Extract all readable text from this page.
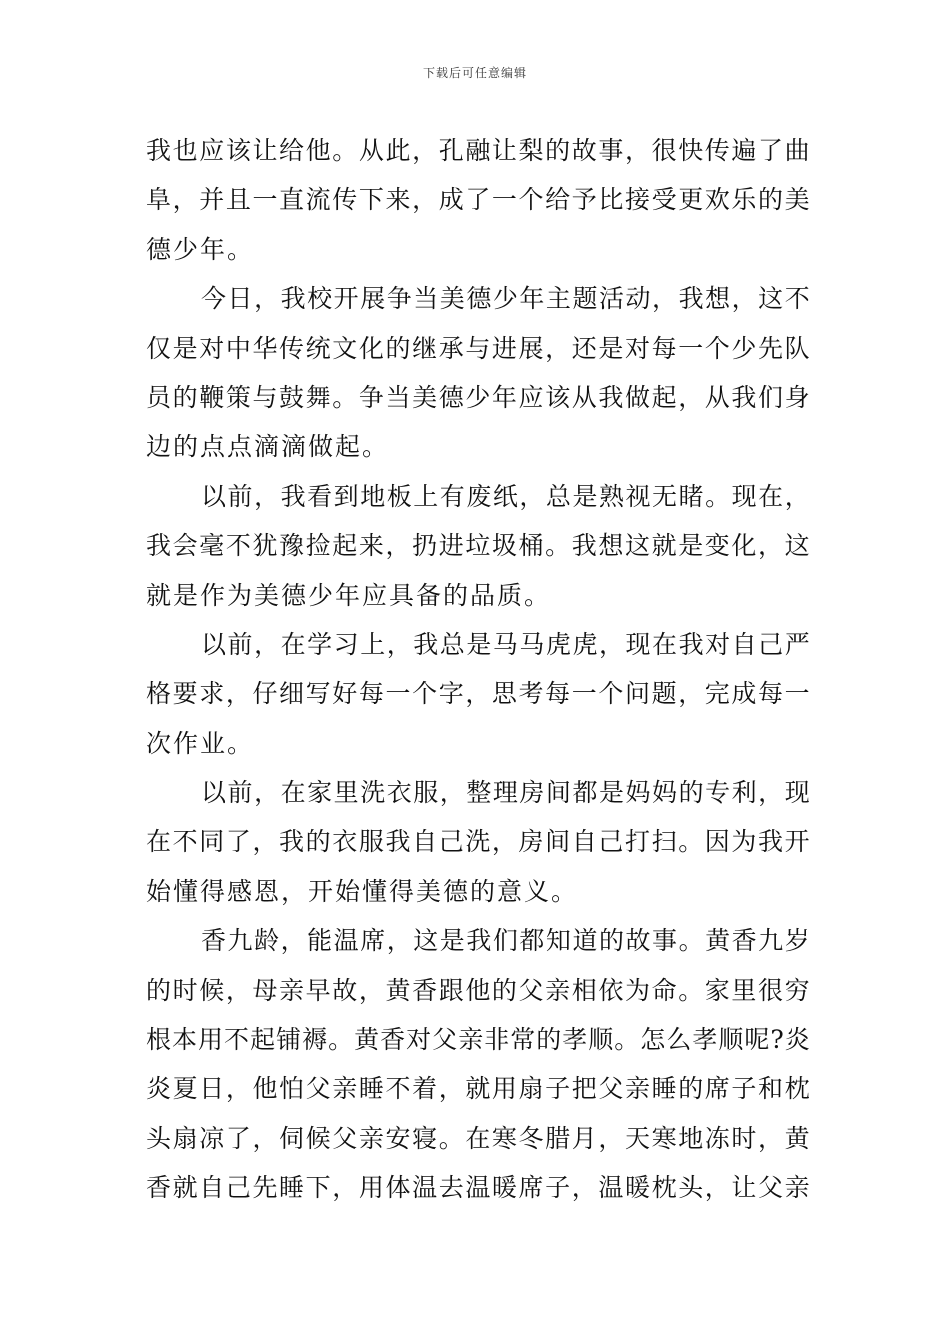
下载后可任意编辑
我 也 应 该 让 给 他 。 从 此 ， 孔 融 让 梨 的 故 事 ， 很 快 传 遍 了 曲
阜 ， 并 且 一 直 流 传 下 来 ， 成 了 一 个 给 予 比 接 受 更 欢 乐 的 美
德少年。
今 日 ， 我 校 开 展 争 当 美 德 少 年 主 题 活 动 ， 我 想 ， 这 不
仅 是 对 中 华 传 统 文 化 的 继 承 与 进 展 ， 还 是 对 每 一 个 少 先 队
员 的 鞭 策 与 鼓 舞 。 争 当 美 德 少 年 应 该 从 我 做 起 ， 从 我 们 身
边的点点滴滴做起。
以 前 ， 我 看 到 地 板 上 有 废 纸 ， 总 是 熟 视 无 睹 。 现 在 ，
我 会 毫 不 犹 豫 捡 起 来 ， 扔 进 垃 圾 桶 。 我 想 这 就 是 变 化 ， 这
就是作为美德少年应具备的品质。
以 前 ， 在 学 习 上 ， 我 总 是 马 马 虎 虎 ， 现 在 我 对 自 己 严
格 要 求 ， 仔 细 写 好 每 一 个 字 ， 思 考 每 一 个 问 题 ， 完 成 每 一
次作业。
以 前 ， 在 家 里 洗 衣 服 ， 整 理 房 间 都 是 妈 妈 的 专 利 ， 现
在 不 同 了 ， 我 的 衣 服 我 自 己 洗 ， 房 间 自 己 打 扫 。 因 为 我 开
始懂得感恩，开始懂得美德的意义。
香 九 龄 ， 能 温 席 ， 这 是 我 们 都 知 道 的 故 事 。 黄 香 九 岁
的 时 候 ， 母 亲 早 故 ， 黄 香 跟 他 的 父 亲 相 依 为 命 。 家 里 很 穷
根 本 用 不 起 铺 褥 。 黄 香 对 父 亲 非 常 的 孝 顺 。 怎 么 孝 顺 呢 ? 炎
炎 夏 日 ， 他 怕 父 亲 睡 不 着 ， 就 用 扇 子 把 父 亲 睡 的 席 子 和 枕
头 扇 凉 了 ， 伺 候 父 亲 安 寝 。 在 寒 冬 腊 月 ， 天 寒 地 冻 时 ， 黄
香 就 自 己 先 睡 下 ， 用 体 温 去 温 暖 席 子 ， 温 暖 枕 头 ， 让 父 亲
